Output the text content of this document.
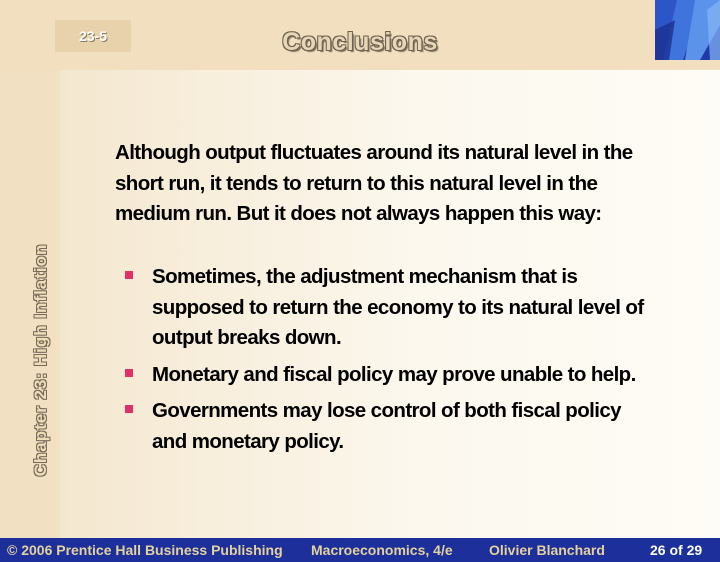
23-5	Conclusions
Chapter 23: High Inflation

Although output fluctuates around its natural level in the short run, it tends to return to this natural level in the medium run. But it does not always happen this way:

Sometimes, the adjustment mechanism that is supposed to return the economy to its natural level of output breaks down.
Monetary and fiscal policy may prove unable to help.
Governments may lose control of both fiscal policy and monetary policy.
© 2006 Prentice Hall Business Publishing Macroeconomics, 4/e	Olivier Blanchard	26 of 29
